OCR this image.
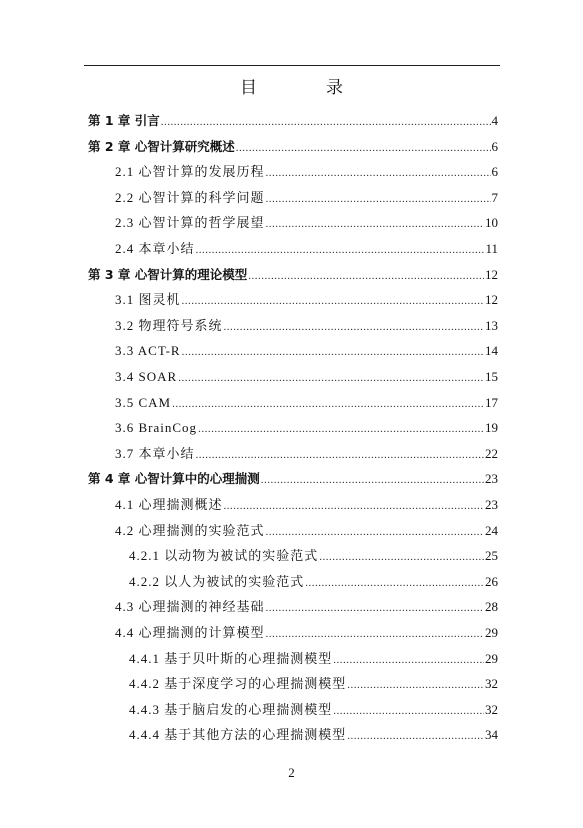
目　录
第 1 章 引言 .....	4
第 2 章 心智计算研究概述 .....	6
2.1 心智计算的发展历程 .....	6
2.2 心智计算的科学问题 .....	7
2.3 心智计算的哲学展望 .....	10
2.4 本章小结 .....	11
第 3 章 心智计算的理论模型 .....	12
3.1 图灵机 .....	12
3.2 物理符号系统 .....	13
3.3 ACT-R .....	14
3.4 SOAR .....	15
3.5 CAM .....	17
3.6 BrainCog .....	19
3.7 本章小结 .....	22
第 4 章 心智计算中的心理揣测 .....	23
4.1 心理揣测概述 .....	23
4.2 心理揣测的实验范式 .....	24
4.2.1 以动物为被试的实验范式 .....	25
4.2.2 以人为被试的实验范式 .....	26
4.3 心理揣测的神经基础 .....	28
4.4 心理揣测的计算模型 .....	29
4.4.1 基于贝叶斯的心理揣测模型 .....	29
4.4.2 基于深度学习的心理揣测模型 .....	32
4.4.3 基于脑启发的心理揣测模型 .....	32
4.4.4 基于其他方法的心理揣测模型 .....	34
2
